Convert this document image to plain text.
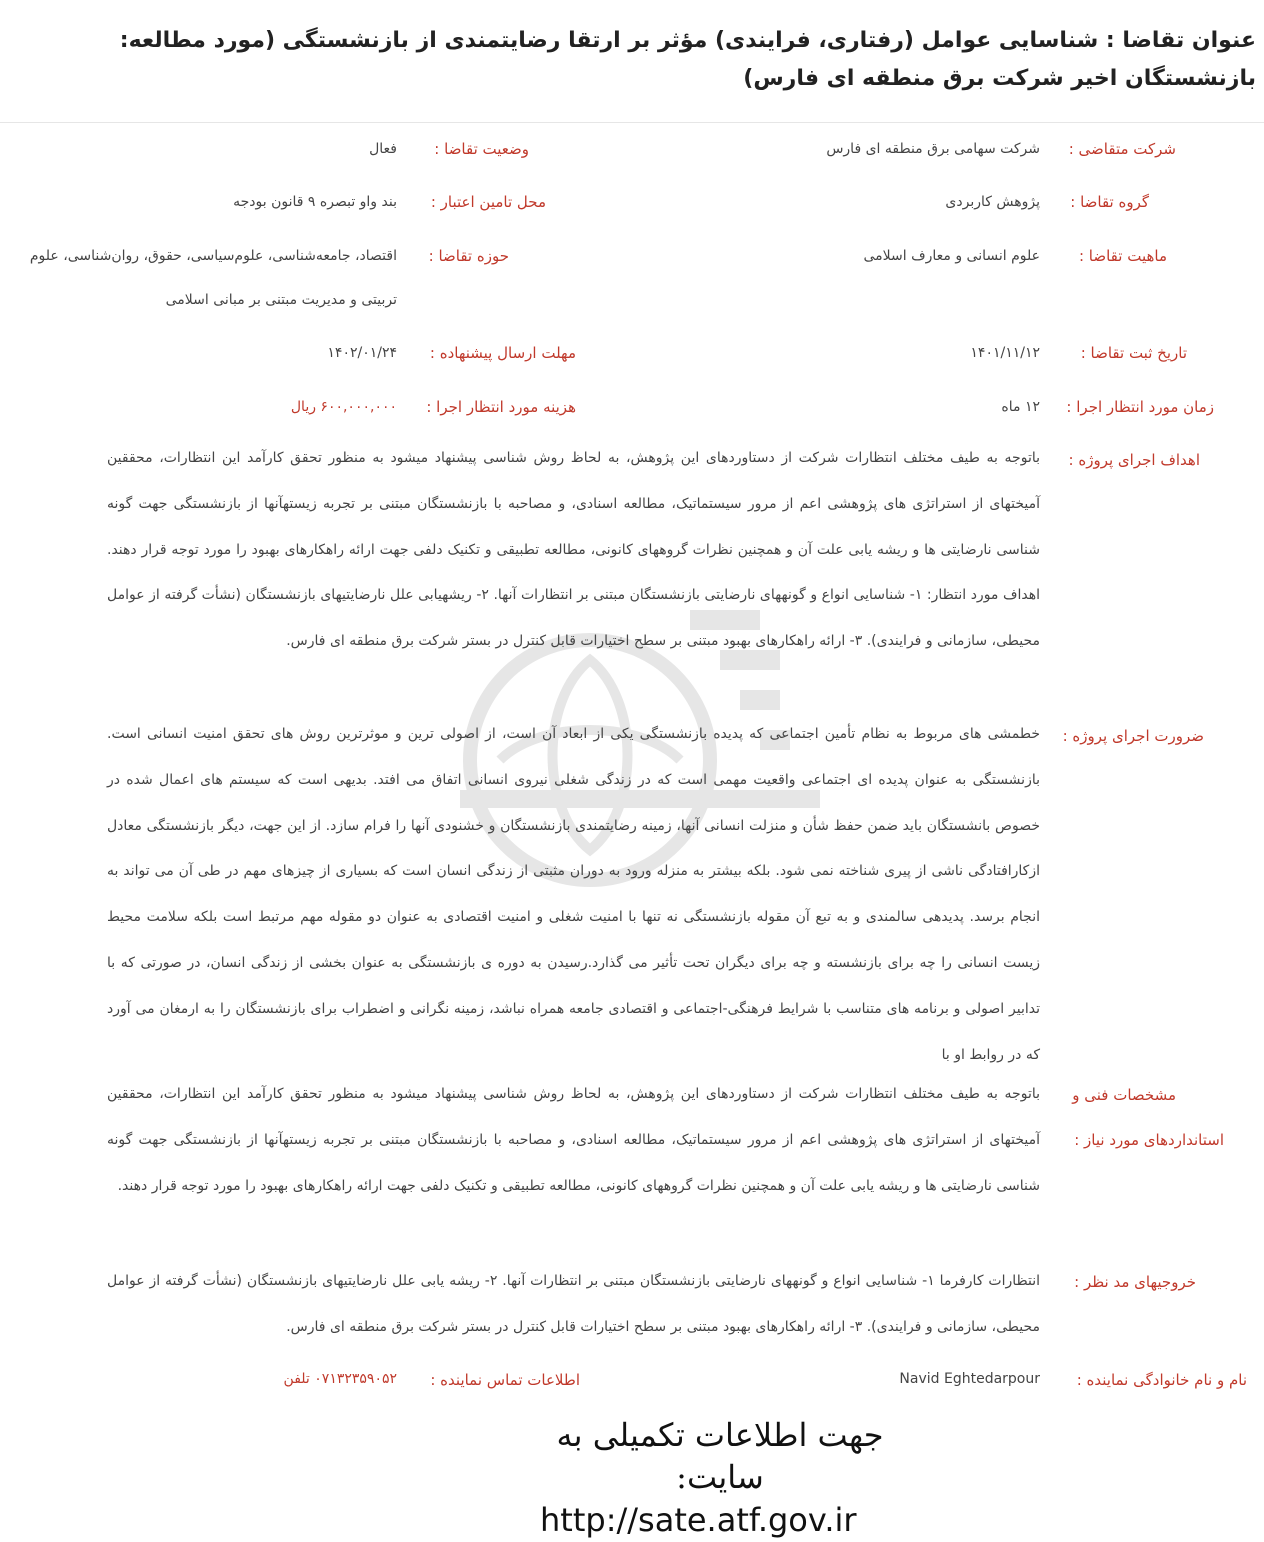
عنوان تقاضا : شناسایی عوامل (رفتاری، فرایندی) مؤثر بر ارتقا رضایتمندی از بازنشستگی (مورد مطالعه: بازنشستگان اخیر شرکت برق منطقه ای فارس)
شرکت متقاضی :
شرکت سهامی برق منطقه ای فارس
وضعیت تقاضا :
فعال
گروه تقاضا :
پژوهش کاربردی
محل تامین اعتبار :
بند واو تبصره ۹ قانون بودجه
ماهیت تقاضا :
علوم انسانی و معارف اسلامی
حوزه تقاضا :
اقتصاد، جامعه‌شناسی، علوم‌سیاسی، حقوق، روان‌شناسی، علوم
تربیتی و مدیریت مبتنی بر مبانی اسلامی
تاریخ ثبت تقاضا :
۱۴۰۱/۱۱/۱۲
مهلت ارسال پیشنهاده :
۱۴۰۲/۰۱/۲۴
زمان مورد انتظار اجرا :
۱۲ ماه
هزینه مورد انتظار اجرا :
۶۰۰,۰۰۰,۰۰۰ ریال
اهداف اجرای پروژه :
باتوجه به طیف مختلف انتظارات شرکت از دستاوردهای این پژوهش، به لحاظ روش شناسی پیشنهاد میشود به منظور تحقق کارآمد این انتظارات، محققین آمیختهای از استراتژی های پژوهشی اعم از مرور سیستماتیک، مطالعه اسنادی، و مصاحبه با بازنشستگان مبتنی بر تجربه زیستهآنها از بازنشستگی جهت گونه شناسی نارضایتی ها و ریشه یابی علت آن و همچنین نظرات گروههای کانونی، مطالعه تطبیقی و تکنیک دلفی جهت ارائه راهکارهای بهبود را مورد توجه قرار دهند. اهداف مورد انتظار: ۱- شناسایی انواع و گونههای نارضایتی بازنشستگان مبتنی بر انتظارات آنها. ۲- ریشهیابی علل نارضایتیهای بازنشستگان (نشأت گرفته از عوامل محیطی، سازمانی و فرایندی). ۳- ارائه راهکارهای بهبود مبتنی بر سطح اختیارات قابل کنترل در بستر شرکت برق منطقه ای فارس.
ضرورت اجرای پروژه :
خطمشی های مربوط به نظام تأمین اجتماعی که پدیده بازنشستگی یکی از ابعاد آن است، از اصولی ترین و موثرترین روش های تحقق امنیت انسانی است. بازنشستگی به عنوان پدیده ای اجتماعی واقعیت مهمی است که در زندگی شغلی نیروی انسانی اتفاق می افتد. بدیهی است که سیستم های اعمال شده در خصوص بانشستگان باید ضمن حفظ شأن و منزلت انسانی آنها، زمینه رضایتمندی بازنشستگان و خشنودی آنها را فرام سازد. از این جهت، دیگر بازنشستگی معادل ازکارافتادگی ناشی از پیری شناخته نمی شود. بلکه بیشتر به منزله ورود به دوران مثبتی از زندگی انسان است که بسیاری از چیزهای مهم در طی آن می تواند به انجام برسد. پدیدهی سالمندی و به تبع آن مقوله بازنشستگی نه تنها با امنیت شغلی و امنیت اقتصادی به عنوان دو مقوله مهم مرتبط است بلکه سلامت محیط زیست انسانی را چه برای بازنشسته و چه برای دیگران تحت تأثیر می گذارد.رسیدن به دوره ی بازنشستگی به عنوان بخشی از زندگی انسان، در صورتی که با تدابیر اصولی و برنامه های متناسب با شرایط فرهنگی-اجتماعی و اقتصادی جامعه همراه نباشد، زمینه نگرانی و اضطراب برای بازنشستگان را به ارمغان می آورد که در روابط او با
مشخصات فنی و
استانداردهای مورد نیاز :
باتوجه به طیف مختلف انتظارات شرکت از دستاوردهای این پژوهش، به لحاظ روش شناسی پیشنهاد میشود به منظور تحقق کارآمد این انتظارات، محققین آمیختهای از استراتژی های پژوهشی اعم از مرور سیستماتیک، مطالعه اسنادی، و مصاحبه با بازنشستگان مبتنی بر تجربه زیستهآنها از بازنشستگی جهت گونه شناسی نارضایتی ها و ریشه یابی علت آن و همچنین نظرات گروههای کانونی، مطالعه تطبیقی و تکنیک دلفی جهت ارائه راهکارهای بهبود را مورد توجه قرار دهند.
خروجیهای مد نظر :
انتظارات کارفرما ۱- شناسایی انواع و گونههای نارضایتی بازنشستگان مبتنی بر انتظارات آنها. ۲- ریشه یابی علل نارضایتیهای بازنشستگان (نشأت گرفته از عوامل محیطی، سازمانی و فرایندی). ۳- ارائه راهکارهای بهبود مبتنی بر سطح اختیارات قابل کنترل در بستر شرکت برق منطقه ای فارس.
نام و نام خانوادگی نماینده :
Navid Eghtedarpour
اطلاعات تماس نماینده :
۰۷۱۳۲۳۵۹۰۵۲ تلفن
جهت اطلاعات تکمیلی به سایت:
http://sate.atf.gov.ir
